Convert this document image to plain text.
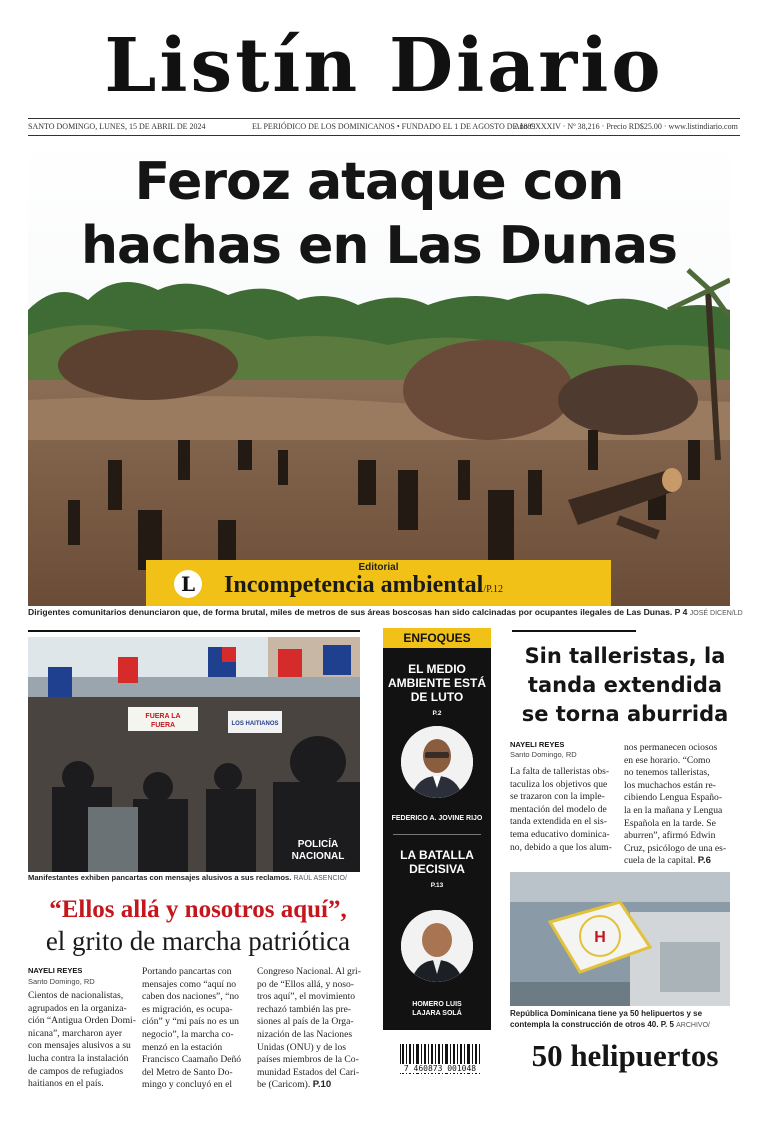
Listín Diario
SANTO DOMINGO, LUNES, 15 DE ABRIL DE 2024	EL PERIÓDICO DE LOS DOMINICANOS • FUNDADO EL 1 DE AGOSTO DE 1889
Año CXXXIV · Nº 38,216 · Precio RD$25.00 · www.listindiario.com
Feroz ataque con
hachas en Las Dunas
Editorial
L Incompetencia ambiental/P.12
Dirigentes comunitarios denunciaron que, de forma brutal, miles de metros de sus áreas boscosas han sido calcinadas por ocupantes ilegales de Las Dunas. P 4 JOSÉ DICEN/LD
FUERA LA
FUERA	LOS HAITIANOS
POLICÍA
NACIONAL
Manifestantes exhiben pancartas con mensajes alusivos a sus reclamos. RAÚL ASENCIO/
“Ellos allá y nosotros aquí”,
el grito de marcha patriótica
NAYELI REYES
Santo Domingo, RD

Cientos de nacionalistas,

agrupados en la organiza-

ción “Antigua Orden Domi-

nicana”, marcharon ayer

con mensajes alusivos a su

lucha contra la instalación

de campos de refugiados

haitianos en el país.

Portando pancartas con

mensajes como “aquí no

caben dos naciones”, “no

es migración, es ocupa-

ción” y “mi país no es un

negocio”, la marcha co-

menzó en la estación

Francisco Caamaño Deñó

del Metro de Santo Do-

mingo y concluyó en el

Congreso Nacional. Al gri-

po de “Ellos allá, y noso-

tros aquí”, el movimiento

rechazó también las pre-

siones al país de la Orga-

nización de las Naciones

Unidas (ONU) y de los

países miembros de la Co-

munidad Estados del Cari-

be (Caricom). P.10

ENFOQUES
EL MEDIO
AMBIENTE ESTÁ
DE LUTO
P.2
FEDERICO A. JOVINE RIJO
LA BATALLA
DECISIVA
P.13
HOMERO LUIS
LAJARA SOLÁ
Sin talleristas, la
tanda extendida
se torna aburrida
NAYELI REYES
Santo Domingo, RD

La falta de talleristas obs-

taculiza los objetivos que

se trazaron con la imple-

mentación del modelo de

tanda extendida en el sis-

tema educativo dominica-

no, debido a que los alum-

nos permanecen ociosos

en ese horario. “Como

no tenemos talleristas,

los muchachos están re-

cibiendo Lengua Españo-

la en la mañana y Lengua

Española en la tarde. Se

aburren”, afirmó Edwin

Cruz, psicólogo de una es-

cuela de la capital. P.6

H
República Dominicana tiene ya 50 helipuertos y se contempla la construcción de otros 40. P. 5 ARCHIVO/
50 helipuertos
7 460873 001048
